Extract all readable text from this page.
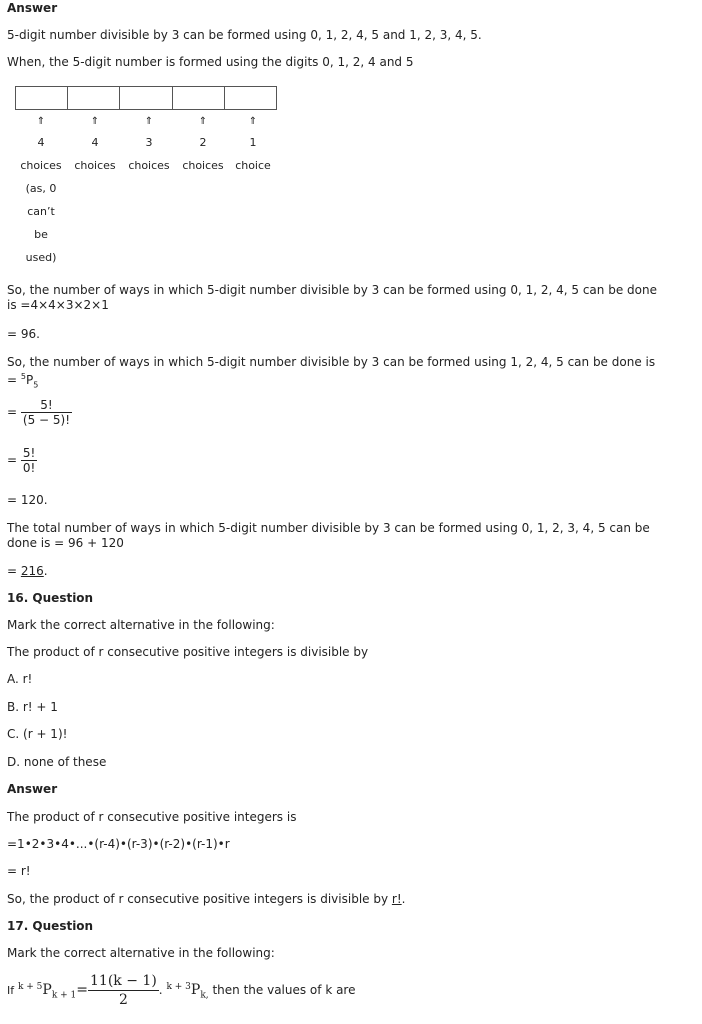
Answer
5-digit number divisible by 3 can be formed using 0, 1, 2, 4, 5 and 1, 2, 3, 4, 5.
When, the 5-digit number is formed using the digits 0, 1, 2, 4 and 5
⇑	⇑	⇑	⇑	⇑
4	4	3	2	1
choices	choices	choices	choices	choice
(as, 0
can’t
be
used)
So, the number of ways in which 5-digit number divisible by 3 can be formed using 0, 1, 2, 4, 5 can be done
is =4×4×3×2×1
= 96.
So, the number of ways in which 5-digit number divisible by 3 can be formed using 1, 2, 4, 5 can be done is
= $^5P_5$
= $\frac{5!}{(5 - 5)!}$
= $\frac{5!}{0!}$
= 120.
The total number of ways in which 5-digit number divisible by 3 can be formed using 0, 1, 2, 3, 4, 5 can be
done is = 96 + 120
= 216.
16. Question
Mark the correct alternative in the following:
The product of r consecutive positive integers is divisible by
A. r!
B. r! + 1
C. (r + 1)!
D. none of these
Answer
The product of r consecutive positive integers is
=1•2•3•4•...•(r-4)•(r-3)•(r-2)•(r-1)•r
= r!
So, the product of r consecutive positive integers is divisible by r!.
17. Question
Mark the correct alternative in the following:
If $^{k + 5}P_{k + 1}= \frac{11(k - 1)}{2}$ . $^{k + 3}P_{k,}$ then the values of k are
